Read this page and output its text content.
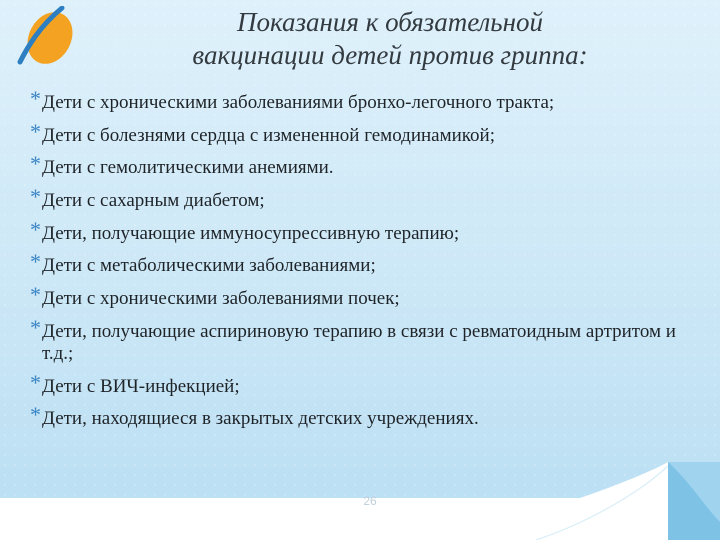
Показания к обязательной
вакцинации детей против гриппа:
* Дети с хроническими заболеваниями бронхо-легочного тракта;
* Дети с болезнями сердца с измененной гемодинамикой;
* Дети с гемолитическими анемиями.
* Дети с сахарным диабетом;
* Дети, получающие иммуносупрессивную терапию;
* Дети с метаболическими заболеваниями;
* Дети с хроническими заболеваниями почек;
* Дети, получающие аспириновую терапию в связи с ревматоидным артритом и т.д.;
* Дети с ВИЧ-инфекцией;
* Дети, находящиеся в закрытых детских учреждениях.
26
